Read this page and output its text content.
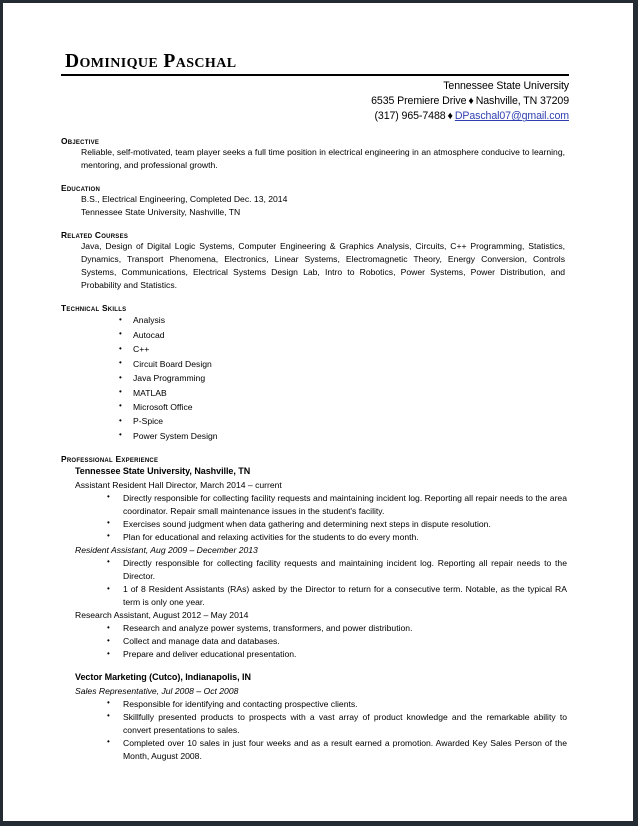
Dominique Paschal
Tennessee State University
6535 Premiere Drive ♦ Nashville, TN 37209
(317) 965-7488 ♦ DPaschal07@gmail.com
Objective
Reliable, self-motivated, team player seeks a full time position in electrical engineering in an atmosphere conducive to learning, mentoring, and professional growth.
Education
B.S., Electrical Engineering, Completed Dec. 13, 2014
Tennessee State University, Nashville, TN
Related Courses
Java, Design of Digital Logic Systems, Computer Engineering & Graphics Analysis, Circuits, C++ Programming, Statistics, Dynamics, Transport Phenomena, Electronics, Linear Systems, Electromagnetic Theory, Energy Conversion, Controls Systems, Communications, Electrical Systems Design Lab, Intro to Robotics, Power Systems, Power Distribution, and Probability and Statistics.
Technical Skills
• Analysis
• Autocad
• C++
• Circuit Board Design
• Java Programming
• MATLAB
• Microsoft Office
• P-Spice
• Power System Design
Professional Experience
Tennessee State University, Nashville, TN
Assistant Resident Hall Director, March 2014 – current
• Directly responsible for collecting facility requests and maintaining incident log. Reporting all repair needs to the area coordinator. Repair small maintenance issues in the student's facility.
• Exercises sound judgment when data gathering and determining next steps in dispute resolution.
• Plan for educational and relaxing activities for the students to do every month.
Resident Assistant, Aug 2009 – December 2013
• Directly responsible for collecting facility requests and maintaining incident log. Reporting all repair needs to the Director.
• 1 of 8 Resident Assistants (RAs) asked by the Director to return for a consecutive term. Notable, as the typical RA term is only one year.
Research Assistant, August 2012 – May 2014
• Research and analyze power systems, transformers, and power distribution.
• Collect and manage data and databases.
• Prepare and deliver educational presentation.
Vector Marketing (Cutco), Indianapolis, IN
Sales Representative, Jul 2008 – Oct 2008
• Responsible for identifying and contacting prospective clients.
• Skillfully presented products to prospects with a vast array of product knowledge and the remarkable ability to convert presentations to sales.
• Completed over 10 sales in just four weeks and as a result earned a promotion. Awarded Key Sales Person of the Month, August 2008.
